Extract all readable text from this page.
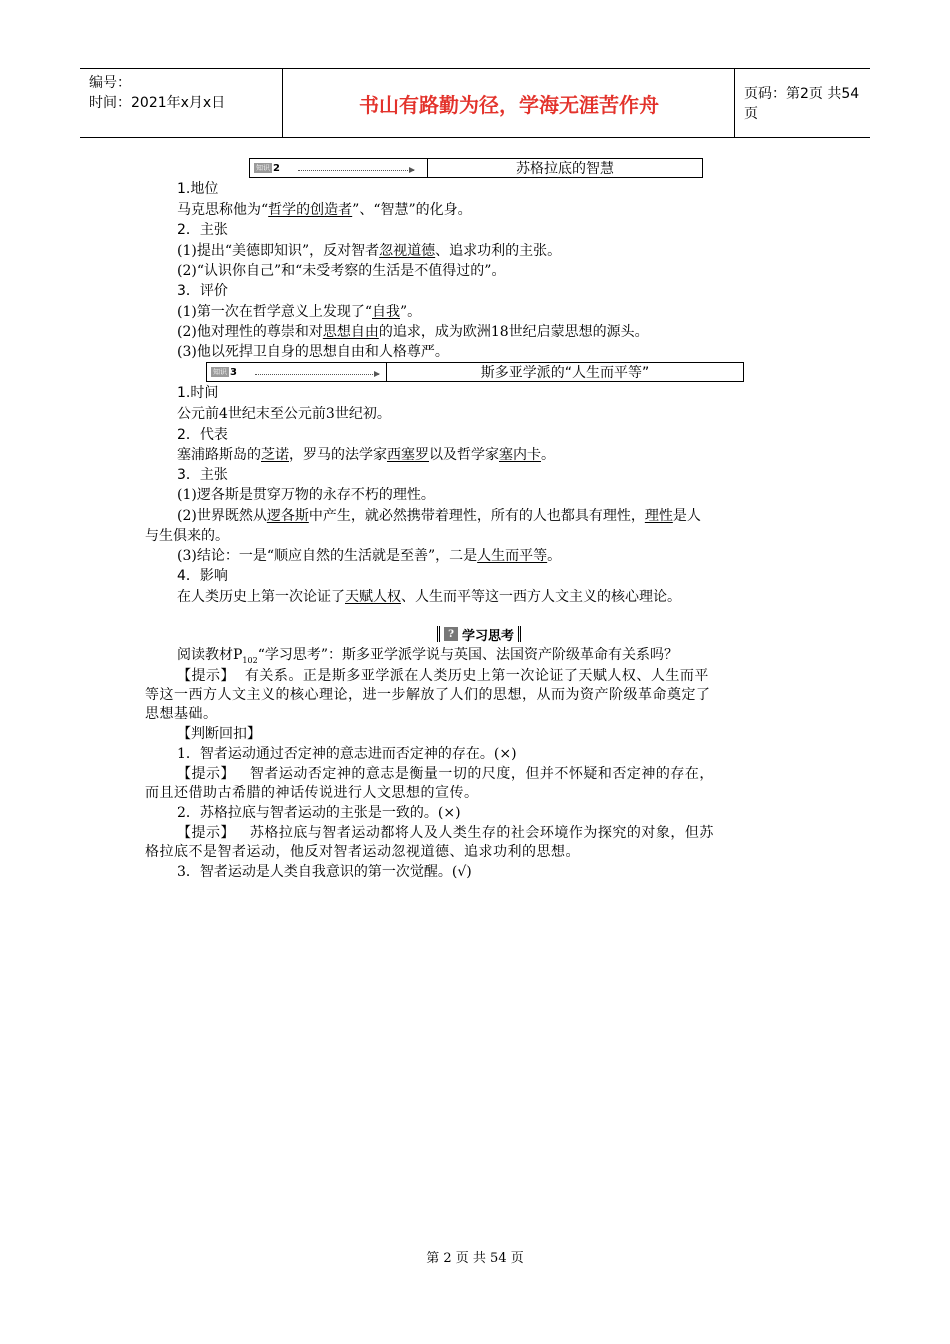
编号：
时间：2021年x月x日	书山有路勤为径，学海无涯苦作舟	页码：第2页 共54页
知识 2	苏格拉底的智慧
1.地位
马克思称他为“哲学的创造者”、“智慧”的化身。
2．主张
(1)提出“美德即知识”，反对智者忽视道德、追求功利的主张。
(2)“认识你自己”和“未受考察的生活是不值得过的”。
3．评价
(1)第一次在哲学意义上发现了“自我”。
(2)他对理性的尊崇和对思想自由的追求，成为欧洲18世纪启蒙思想的源头。
(3)他以死捍卫自身的思想自由和人格尊严。
知识 3	斯多亚学派的“人生而平等”
1.时间
公元前4世纪末至公元前3世纪初。
2．代表
塞浦路斯岛的芝诺，罗马的法学家西塞罗以及哲学家塞内卡。
3．主张
(1)逻各斯是贯穿万物的永存不朽的理性。
(2)世界既然从逻各斯中产生，就必然携带着理性，所有的人也都具有理性，理性是人
与生俱来的。
(3)结论：一是“顺应自然的生活就是至善”，二是人生而平等。
4．影响
在人类历史上第一次论证了天赋人权、人生而平等这一西方人文主义的核心理论。
? 学习思考
阅读教材$P_{102}“$学习思考”：斯多亚学派学说与英国、法国资产阶级革命有关系吗？
【提示】 有关系。正是斯多亚学派在人类历史上第一次论证了天赋人权、人生而平
等这一西方人文主义的核心理论，进一步解放了人们的思想，从而为资产阶级革命奠定了
思想基础。
【判断回扣】
1．智者运动通过否定神的意志进而否定神的存在。(×)
【提示】 智者运动否定神的意志是衡量一切的尺度，但并不怀疑和否定神的存在，
而且还借助古希腊的神话传说进行人文思想的宣传。
2．苏格拉底与智者运动的主张是一致的。(×)
【提示】 苏格拉底与智者运动都将人及人类生存的社会环境作为探究的对象，但苏
格拉底不是智者运动，他反对智者运动忽视道德、追求功利的思想。
3．智者运动是人类自我意识的第一次觉醒。(√)
第 2 页 共 54 页
